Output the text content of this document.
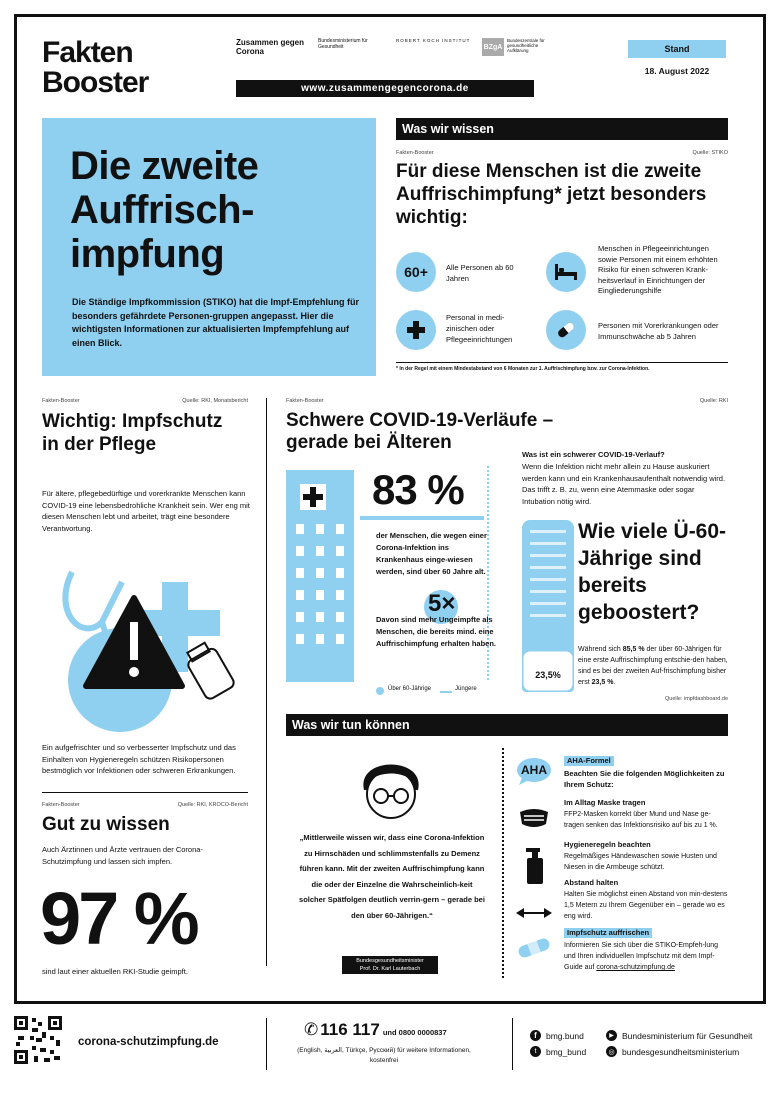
Fakten
Booster
Zusammen gegen Corona
Bundesministerium für Gesundheit
ROBERT KOCH INSTITUT
BZgA
Bundeszentrale für gesundheitliche Aufklärung
www.zusammengegencorona.de
Stand
18. August 2022
Die zweite Auffrisch-impfung
Die Ständige Impfkommission (STIKO) hat die Impf-Empfehlung für besonders gefährdete Personen-gruppen angepasst. Hier die wichtigsten Informationen zur aktualisierten Impfempfehlung auf einen Blick.
Was wir wissen
Fakten-Booster	Quelle: STIKO
Für diese Menschen ist die zweite Auffrischimpfung* jetzt besonders wichtig:
60+	Alle Personen ab 60 Jahren
Menschen in Pflegeeinrichtungen sowie Personen mit einem erhöhten Risiko für einen schweren Krank-heitsverlauf in Einrichtungen der Eingliederungshilfe
Personal in medi-zinischen oder Pflegeeinrichtungen
Personen mit Vorerkrankungen oder Immunschwäche ab 5 Jahren
* In der Regel mit einem Mindestabstand von 6 Monaten zur 1. Auffrischimpfung bzw. zur Corona-Infektion.
Fakten-Booster	Quelle: RKI, Monatsbericht
Wichtig: Impfschutz in der Pflege
Für ältere, pflegebedürftige und vorerkrankte Menschen kann COVID-19 eine lebensbedrohliche Krankheit sein. Wer eng mit diesen Menschen lebt und arbeitet, trägt eine besondere Verantwortung.
Ein aufgefrischter und so verbesserter Impfschutz und das Einhalten von Hygieneregeln schützen Risikopersonen bestmöglich vor Infektionen oder schweren Erkrankungen.
Fakten-Booster	Quelle: RKI, KROCO-Bericht
Gut zu wissen
Auch Ärztinnen und Ärzte vertrauen der Corona-Schutzimpfung und lassen sich impfen.
97 %
sind laut einer aktuellen RKI-Studie geimpft.
Fakten-Booster	Quelle: RKI
Schwere COVID-19-Verläufe – gerade bei Älteren
83 %
der Menschen, die wegen einer Corona-Infektion ins Krankenhaus einge-wiesen werden, sind über 60 Jahre alt.
5×
Davon sind mehr Ungeimpfte als Menschen, die bereits mind. eine Auffrischimpfung erhalten haben.
Über 60-Jährige	Jüngere
Was ist ein schwerer COVID-19-Verlauf?
Wenn die Infektion nicht mehr allein zu Hause auskuriert werden kann und ein Krankenhausaufenthalt notwendig wird. Das trifft z. B. zu, wenn eine Atemmaske oder sogar Intubation nötig wird.
23,5%
Wie viele Ü-60-Jährige sind bereits geboostert?
Während sich 85,5 % der über 60-Jährigen für eine erste Auffrischimpfung entschie-den haben, sind es bei der zweiten Auf-frischimpfung bisher erst 23,5 %.
Quelle: impfdashboard.de
Was wir tun können
„Mittlerweile wissen wir, dass eine Corona-Infektion zu Hirnschäden und schlimmstenfalls zu Demenz führen kann. Mit der zweiten Auffrischimpfung kann die oder der Einzelne die Wahrscheinlich-keit solcher Spätfolgen deutlich verrin-gern – gerade bei den über 60-Jährigen.“
Bundesgesundheitsminister
Prof. Dr. Karl Lauterbach
AHA
AHA-Formel
Beachten Sie die folgenden Möglichkeiten zu Ihrem Schutz:
Im Alltag Maske tragen
FFP2-Masken korrekt über Mund und Nase ge-tragen senken das Infektionsrisiko auf bis zu 1 %.
Hygieneregeln beachten
Regelmäßiges Händewaschen sowie Husten und Niesen in die Armbeuge schützt.
Abstand halten
Halten Sie möglichst einen Abstand von min-destens 1,5 Metern zu Ihrem Gegenüber ein – gerade wo es eng wird.
Impfschutz auffrischen
Informieren Sie sich über die STIKO-Empfeh-lung und Ihren individuellen Impfschutz mit dem Impf-Guide auf corona-schutzimpfung.de
corona-schutzimpfung.de
✆ 116 117 und 0800 0000837
(English, العربية, Türkçe, Русский) für weitere Informationen, kostenfrei
f	bmg.bund
t	bmg_bund
▶ Bundesministerium für Gesundheit
◎ bundesgesundheitsministerium
